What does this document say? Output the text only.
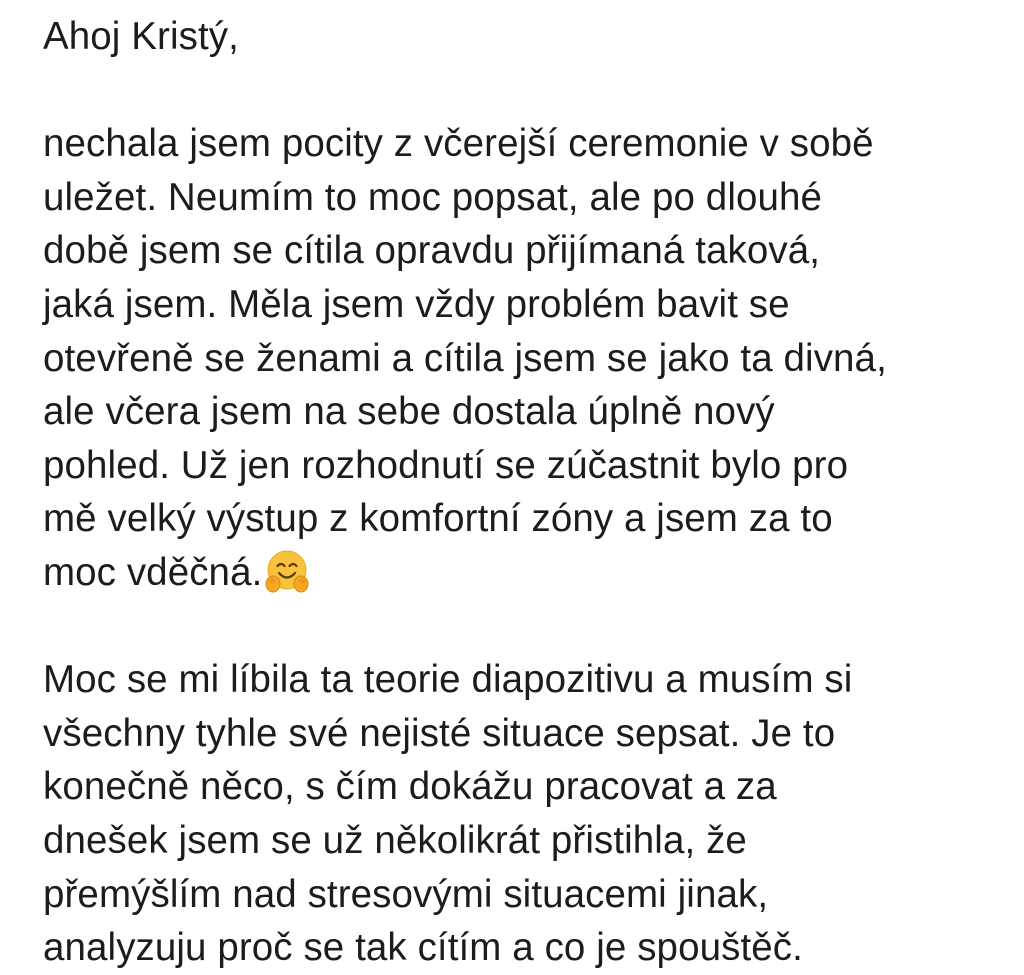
Ahoj Kristý,
nechala jsem pocity z včerejší ceremonie v sobě
uležet. Neumím to moc popsat, ale po dlouhé
době jsem se cítila opravdu přijímaná taková,
jaká jsem. Měla jsem vždy problém bavit se
otevřeně se ženami a cítila jsem se jako ta divná,
ale včera jsem na sebe dostala úplně nový
pohled. Už jen rozhodnutí se zúčastnit bylo pro
mě velký výstup z komfortní zóny a jsem za to
moc vděčná.
Moc se mi líbila ta teorie diapozitivu a musím si
všechny tyhle své nejisté situace sepsat. Je to
konečně něco, s čím dokážu pracovat a za
dnešek jsem se už několikrát přistihla, že
přemýšlím nad stresovými situacemi jinak,
analyzuju proč se tak cítím a co je spouštěč.
